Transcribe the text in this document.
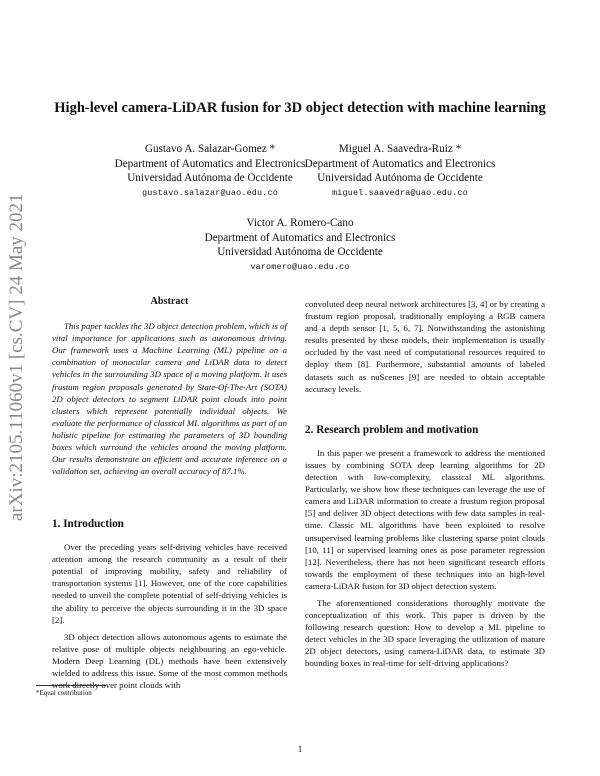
arXiv:2105.11060v1 [cs.CV] 24 May 2021
High-level camera-LiDAR fusion for 3D object detection with machine learning
Gustavo A. Salazar-Gomez *
Department of Automatics and Electronics
Universidad Autónoma de Occidente
gustavo.salazar@uao.edu.co
Miguel A. Saavedra-Ruiz *
Department of Automatics and Electronics
Universidad Autónoma de Occidente
miguel.saavedra@uao.edu.co
Victor A. Romero-Cano
Department of Automatics and Electronics
Universidad Autónoma de Occidente
varomero@uao.edu.co
Abstract

This paper tackles the 3D object detection problem, which is of vital importance for applications such as autonomous driving. Our framework uses a Machine Learning (ML) pipeline on a combination of monocular camera and LiDAR data to detect vehicles in the surrounding 3D space of a moving platform. It uses frustum region proposals generated by State-Of-The-Art (SOTA) 2D object detectors to segment LiDAR point clouds into point clusters which represent potentially individual objects. We evaluate the performance of classical ML algorithms as part of an holistic pipeline for estimating the parameters of 3D bounding boxes which surround the vehicles around the moving platform. Our results demonstrate an efficient and accurate inference on a validation set, achieving an overall accuracy of 87.1%.

1. Introduction

Over the preceding years self-driving vehicles have received attention among the research community as a result of their potential of improving mobility, safety and reliability of transportation systems [1]. However, one of the core capabilities needed to unveil the complete potential of self-driving vehicles is the ability to perceive the objects surrounding it in the 3D space [2].

3D object detection allows autonomous agents to estimate the relative pose of multiple objects neighbouring an ego-vehicle. Modern Deep Learning (DL) methods have been extensively wielded to address this issue. Some of the most common methods work directly over point clouds with

*Equal contribution

convoluted deep neural network architectures [3, 4] or by creating a frustum region proposal, traditionally employing a RGB camera and a depth sensor [1, 5, 6, 7]. Notwithstanding the astonishing results presented by these models, their implementation is usually occluded by the vast need of computational resources required to deploy them [8]. Furthermore, substantial amounts of labeled datasets such as nuScenes [9] are needed to obtain acceptable accuracy levels.

2. Research problem and motivation

In this paper we present a framework to address the mentioned issues by combining SOTA deep learning algorithms for 2D detection with low-complexity, classical ML algorithms. Particularly, we show how these techniques can leverage the use of camera and LiDAR information to create a frustum region proposal [5] and deliver 3D object detections with few data samples in real-time. Classic ML algorithms have been exploited to resolve unsupervised learning problems like clustering sparse point clouds [10, 11] or supervised learning ones as pose parameter regression [12]. Nevertheless, there has not been significant research efforts towards the employment of these techniques into an high-level camera-LiDAR fusion for 3D object detection system.

The aforementioned considerations thoroughly motivate the conceptualization of this work. This paper is driven by the following research question: How to develop a ML pipeline to detect vehicles in the 3D space leveraging the utilization of mature 2D object detectors, using camera-LiDAR data, to estimate 3D bounding boxes in real-time for self-driving applications?

1
